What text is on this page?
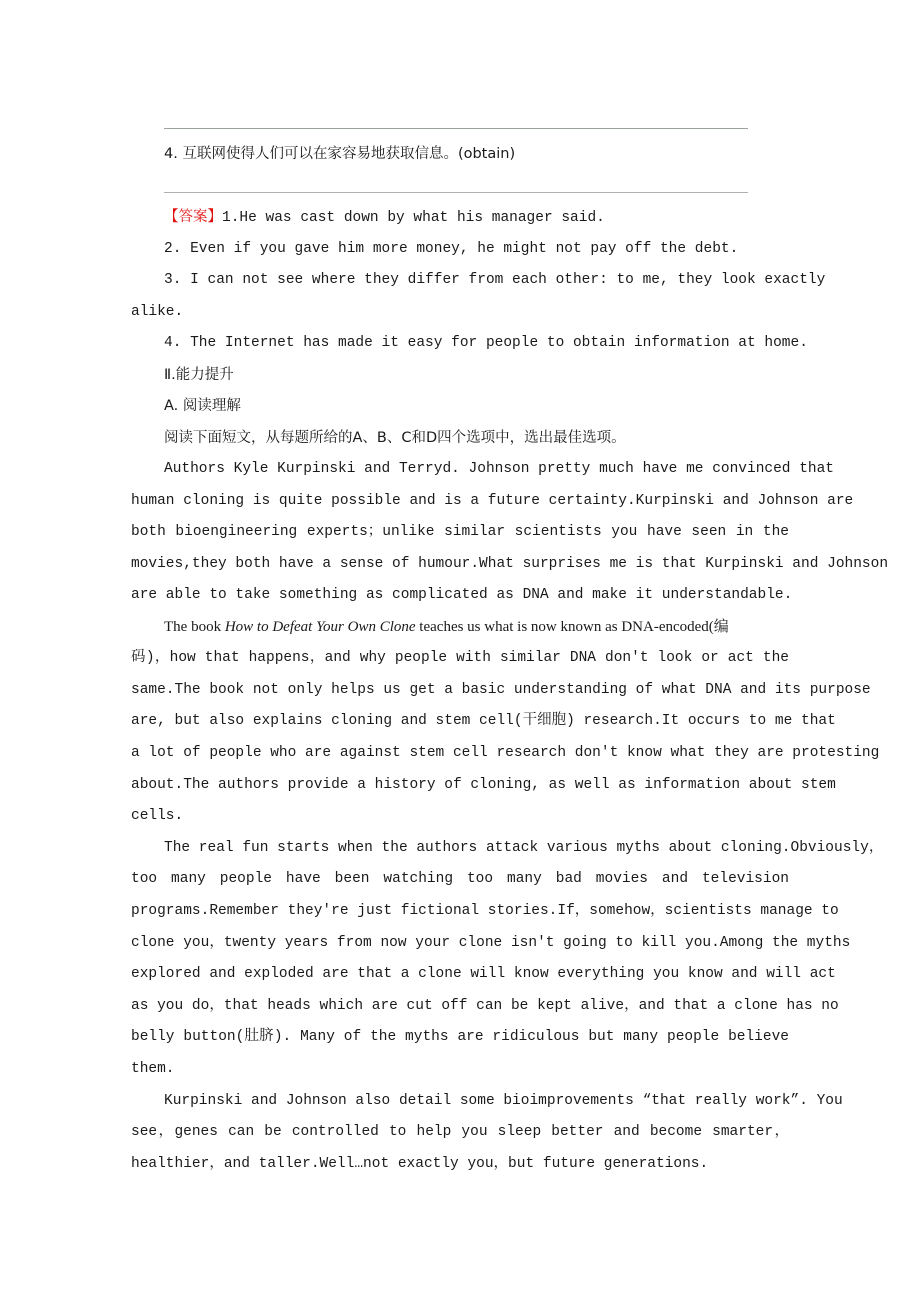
4. 互联网使得人们可以在家容易地获取信息。(obtain)
【答案】1.He was cast down by what his manager said.
2. Even if you gave him more money, he might not pay off the debt.
3. I can not see where they differ from each other: to me, they look exactly
alike.
4. The Internet has made it easy for people to obtain information at home.
Ⅱ.能力提升
A. 阅读理解
阅读下面短文，从每题所给的A、B、C和D四个选项中，选出最佳选项。
Authors Kyle Kurpinski and Terryd. Johnson pretty much have me convinced that
human cloning is quite possible and is a future certainty.Kurpinski and Johnson are
both bioengineering experts；unlike similar scientists you have seen in the
movies,they both have a sense of humour.What surprises me is that Kurpinski and Johnson
are able to take something as complicated as DNA and make it understandable.
The book How to Defeat Your Own Clone teaches us what is now known as DNA-encoded(编
码)，how that happens，and why people with similar DNA don't look or act the
same.The book not only helps us get a basic understanding of what DNA and its purpose
are, but also explains cloning and stem cell(干细胞) research.It occurs to me that
a lot of people who are against stem cell research don't know what they are protesting
about.The authors provide a history of cloning, as well as information about stem
cells.
The real fun starts when the authors attack various myths about cloning.Obviously，
too many people have been watching too many bad movies and television
programs.Remember they're just fictional stories.If，somehow，scientists manage to
clone you，twenty years from now your clone isn't going to kill you.Among the myths
explored and exploded are that a clone will know everything you know and will act
as you do，that heads which are cut off can be kept alive，and that a clone has no
belly button(肚脐). Many of the myths are ridiculous but many people believe
them.
Kurpinski and Johnson also detail some bioimprovements “that really work”. You
see，genes can be controlled to help you sleep better and become smarter，
healthier，and taller.Well…not exactly you，but future generations.
